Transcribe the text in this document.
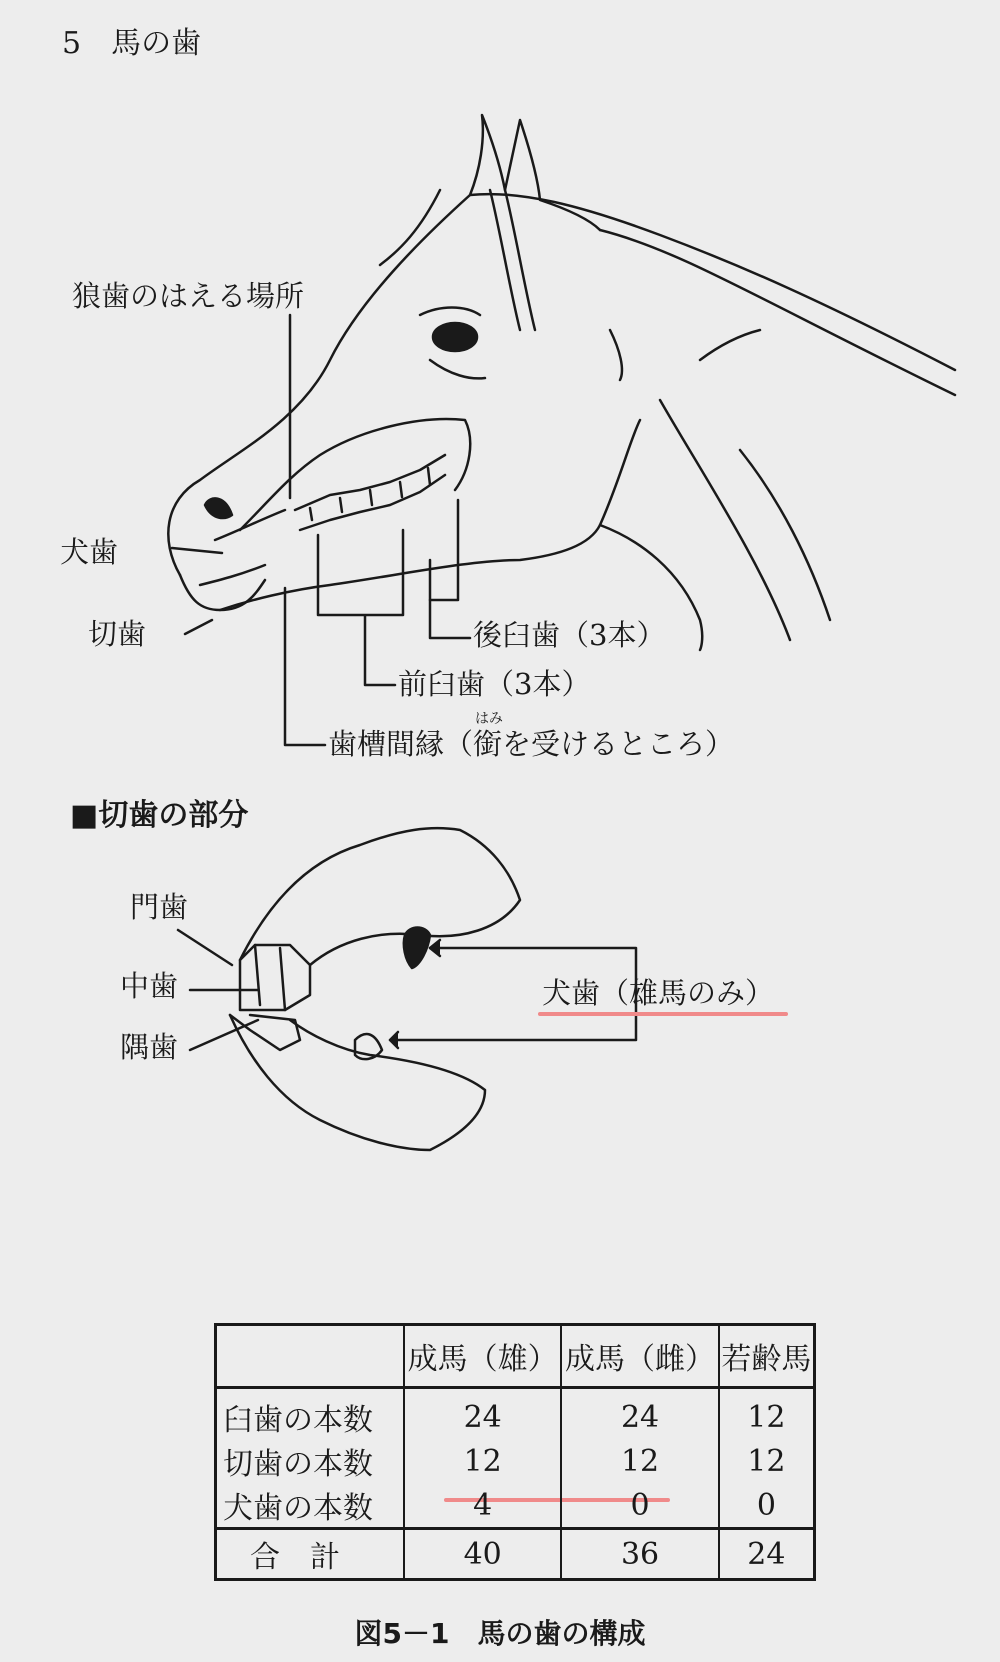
5　馬の歯
狼歯のはえる場所
犬歯
切歯	後臼歯（3本）
前臼歯（3本）
歯槽間縁（
はみ
銜を受けるところ）
■切歯の部分
門歯
中歯
隅歯
犬歯（雄馬のみ）
	成馬（雄）	成馬（雌）	若齢馬
臼歯の本数	24	24	12
切歯の本数	12	12	12
犬歯の本数	4	0	0
合計	40	36	24
図5－1　馬の歯の構成
